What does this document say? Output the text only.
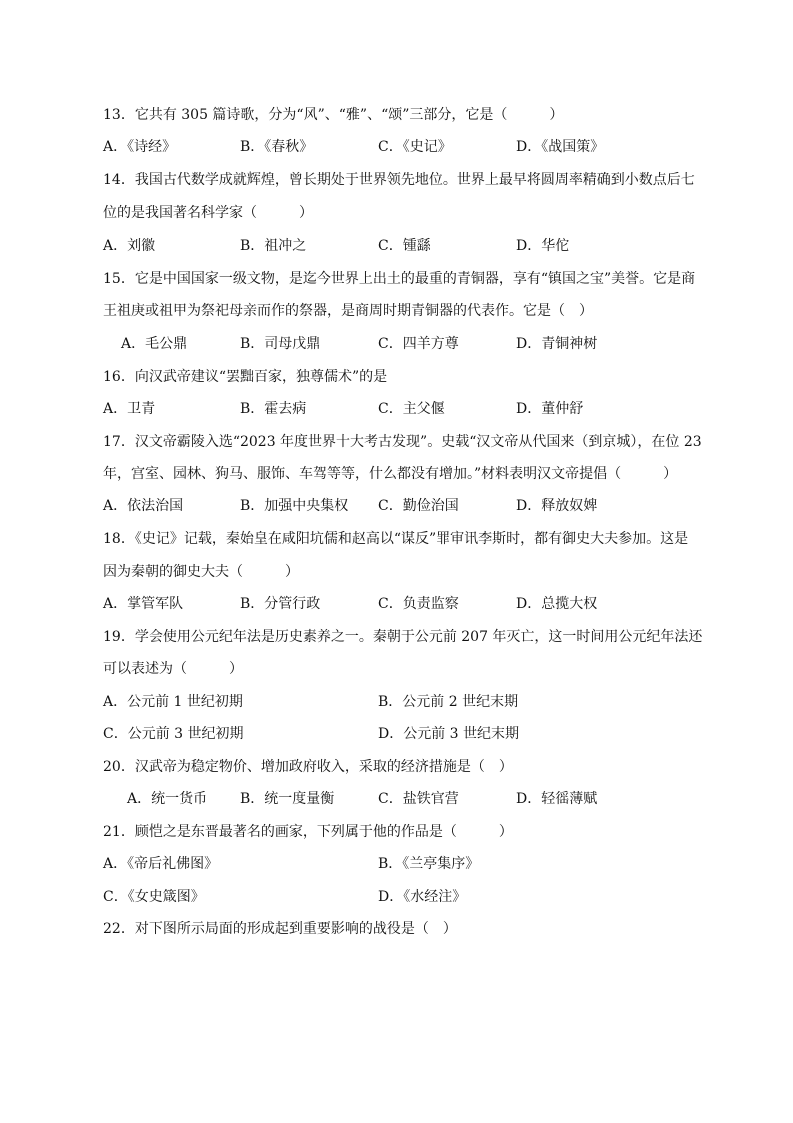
13．它共有 305 篇诗歌，分为“风”、“雅”、“颂”三部分，它是（　　　）
A．《诗经》	B．《春秋》	C．《史记》	D．《战国策》
14．我国古代数学成就辉煌，曾长期处于世界领先地位。世界上最早将圆周率精确到小数点后七
位的是我国著名科学家（　　　）
A．刘徽	B．祖冲之	C．锺繇	D．华佗
15．它是中国国家一级文物，是迄今世界上出土的最重的青铜器，享有“镇国之宝”美誉。它是商
王祖庚或祖甲为祭祀母亲而作的祭器，是商周时期青铜器的代表作。它是（　）
A．毛公鼎	B．司母戊鼎	C．四羊方尊	D．青铜神树
16．向汉武帝建议“罢黜百家，独尊儒术”的是
A．卫青	B．霍去病	C．主父偃	D．董仲舒
17．汉文帝霸陵入选“2023 年度世界十大考古发现”。史载“汉文帝从代国来（到京城），在位 23
年，宫室、园林、狗马、服饰、车驾等等，什么都没有增加。”材料表明汉文帝提倡（　　　）
A．依法治国	B．加强中央集权 C．勤俭治国	D．释放奴婢
18．《史记》记载，秦始皇在咸阳坑儒和赵高以“谋反”罪审讯李斯时，都有御史大夫参加。这是
因为秦朝的御史大夫（　　　）
A．掌管军队	B．分管行政	C．负责监察	D．总揽大权
19．学会使用公元纪年法是历史素养之一。秦朝于公元前 207 年灭亡，这一时间用公元纪年法还
可以表述为（　　　）
A．公元前 1 世纪初期	B．公元前 2 世纪末期
C．公元前 3 世纪初期	D．公元前 3 世纪末期
20．汉武帝为稳定物价、增加政府收入，采取的经济措施是（　）
A．统一货币 B．统一度量衡	C．盐铁官营	D．轻徭薄赋
21．顾恺之是东晋最著名的画家，下列属于他的作品是（　　　）
A．《帝后礼佛图》	B．《兰亭集序》
C．《女史箴图》	D．《水经注》
22．对下图所示局面的形成起到重要影响的战役是（　）
